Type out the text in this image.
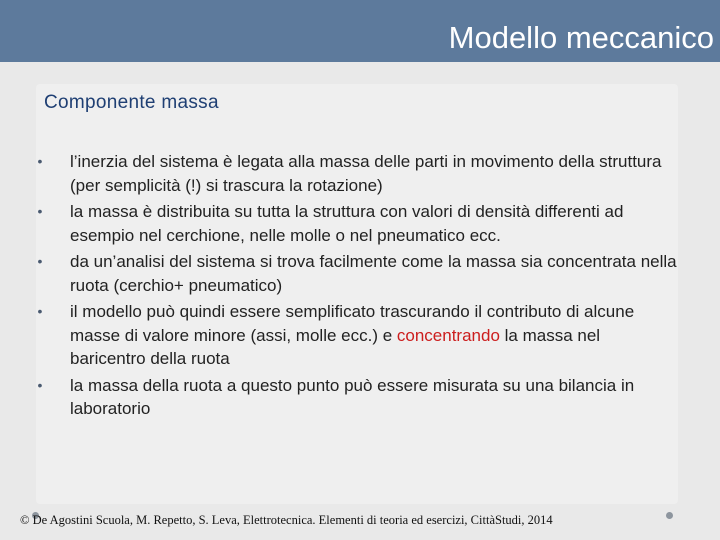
Modello meccanico
Componente massa
•	l’inerzia del sistema è legata alla massa delle parti in movimento della struttura (per semplicità (!) si trascura la rotazione)
•	la massa è distribuita su tutta la struttura con valori di densità differenti ad esempio nel cerchione, nelle molle o nel pneumatico ecc.
•	da un’analisi del sistema si trova facilmente come la massa sia concentrata nella ruota (cerchio+ pneumatico)
•	il modello può quindi essere semplificato trascurando il contributo di alcune masse di valore minore (assi, molle ecc.) e concentrando la massa nel baricentro della ruota
•	la massa della ruota a questo punto può essere misurata su una bilancia in laboratorio
© De Agostini Scuola, M. Repetto, S. Leva, Elettrotecnica. Elementi di teoria ed esercizi, CittàStudi, 2014
